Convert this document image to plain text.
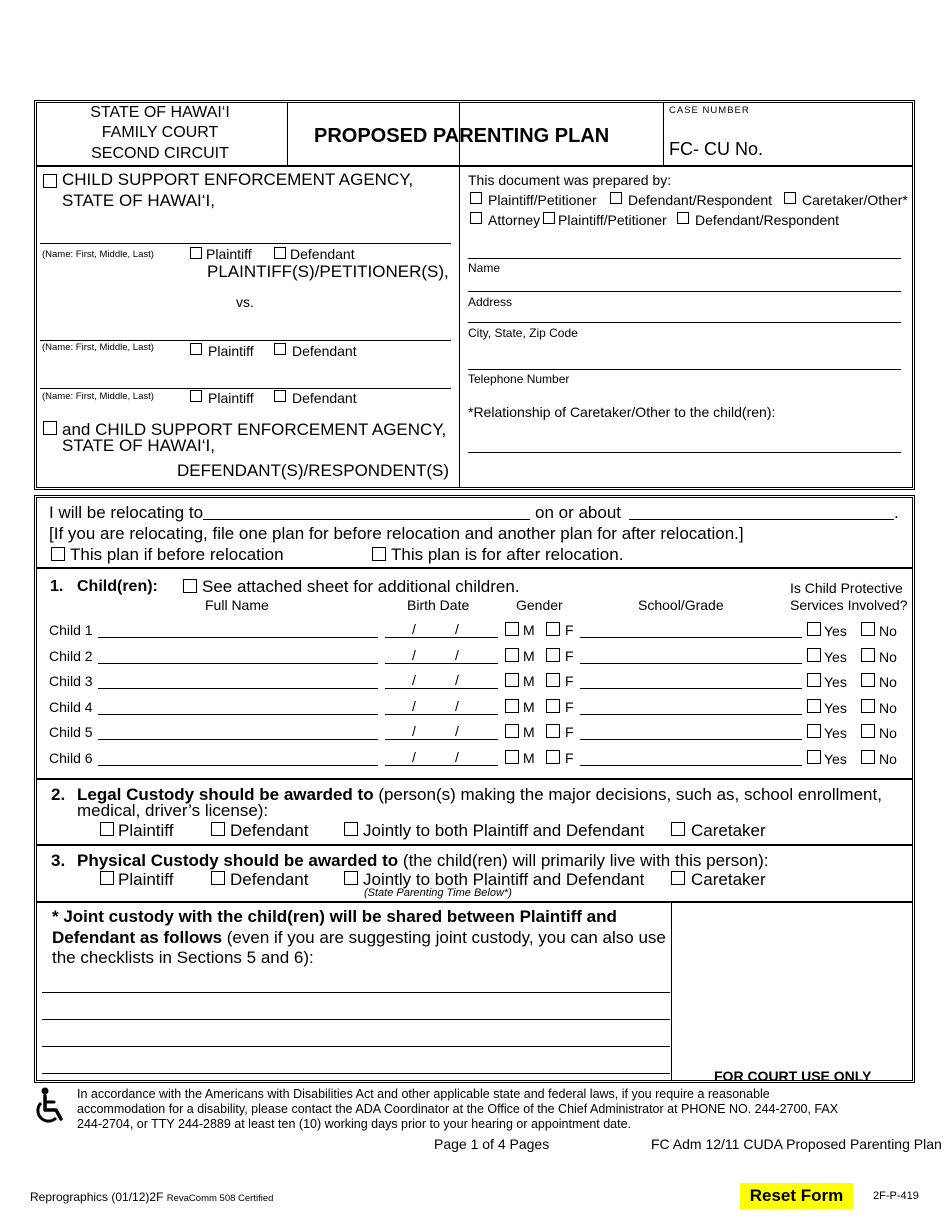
STATE OF HAWAI‘I
FAMILY COURT
SECOND CIRCUIT
PROPOSED PARENTING PLAN
CASE NUMBER
FC- CU No.
CHILD SUPPORT ENFORCEMENT AGENCY,
STATE OF HAWAI‘I,
(Name: First, Middle, Last)	Plaintiff	Defendant
PLAINTIFF(S)/PETITIONER(S),
vs.
(Name: First, Middle, Last)	Plaintiff	Defendant
(Name: First, Middle, Last)	Plaintiff	Defendant
and CHILD SUPPORT ENFORCEMENT AGENCY,
STATE OF HAWAI‘I,
DEFENDANT(S)/RESPONDENT(S)
This document was prepared by:
Plaintiff/Petitioner Defendant/Respondent Caretaker/Other*
Attorney Plaintiff/Petitioner Defendant/Respondent
Name
Address
City, State, Zip Code
Telephone Number
*Relationship of Caretaker/Other to the child(ren):
I will be relocating to	on or about	.
[If you are relocating, file one plan for before relocation and another plan for after relocation.]
This plan if before relocation	This plan is for after relocation.
1. Child(ren):	See attached sheet for additional children.	Is Child Protective
Services Involved?
Full Name	Birth Date	Gender	School/Grade
Child 1	/	/	M F	Yes No
Child 2	/	/	M F	Yes No
Child 3	/	/	M F	Yes No
Child 4	/	/	M F	Yes No
Child 5	/	/	M F	Yes No
Child 6	/	/	M F	Yes No
2. Legal Custody should be awarded to (person(s) making the major decisions, such as, school enrollment,
medical, driver’s license):
Plaintiff	Defendant	Jointly to both Plaintiff and Defendant	Caretaker
3. Physical Custody should be awarded to (the child(ren) will primarily live with this person):
Plaintiff	Defendant	Jointly to both Plaintiff and Defendant	Caretaker
(State Parenting Time Below*)
* Joint custody with the child(ren) will be shared between Plaintiff and
Defendant as follows (even if you are suggesting joint custody, you can also use
the checklists in Sections 5 and 6):
FOR COURT USE ONLY
In accordance with the Americans with Disabilities Act and other applicable state and federal laws, if you require a reasonable
accommodation for a disability, please contact the ADA Coordinator at the Office of the Chief Administrator at PHONE NO. 244-2700, FAX
244-2704, or TTY 244-2889 at least ten (10) working days prior to your hearing or appointment date.
Page 1 of 4 Pages	FC Adm 12/11 CUDA Proposed Parenting Plan
Reprographics (01/12)2F RevaComm 508 Certified	Reset Form	2F-P-419
